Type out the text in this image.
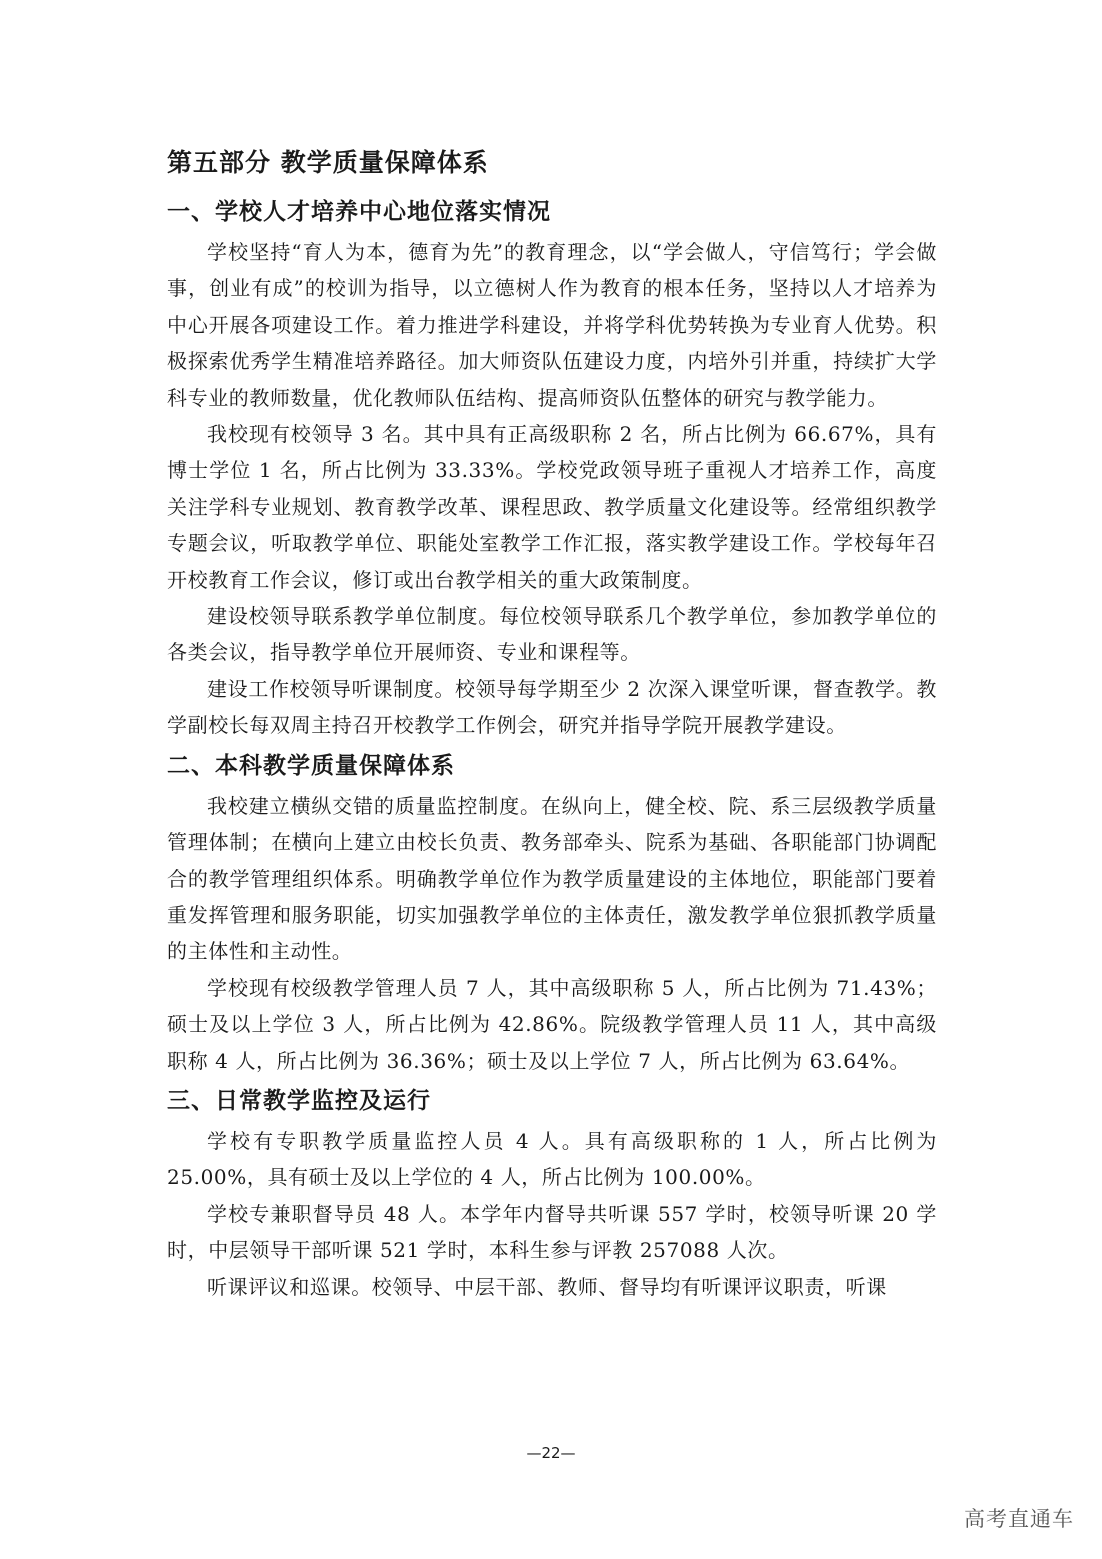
第五部分 教学质量保障体系
一、学校人才培养中心地位落实情况

学校坚持“育人为本，德育为先”的教育理念，以“学会做人，守信笃行；学会做事，创业有成”的校训为指导，以立德树人作为教育的根本任务，坚持以人才培养为中心开展各项建设工作。着力推进学科建设，并将学科优势转换为专业育人优势。积极探索优秀学生精准培养路径。加大师资队伍建设力度，内培外引并重，持续扩大学科专业的教师数量，优化教师队伍结构、提高师资队伍整体的研究与教学能力。

我校现有校领导 3 名。其中具有正高级职称 2 名，所占比例为 66.67%，具有博士学位 1 名，所占比例为 33.33%。学校党政领导班子重视人才培养工作，高度关注学科专业规划、教育教学改革、课程思政、教学质量文化建设等。经常组织教学专题会议，听取教学单位、职能处室教学工作汇报，落实教学建设工作。学校每年召开校教育工作会议，修订或出台教学相关的重大政策制度。

建设校领导联系教学单位制度。每位校领导联系几个教学单位，参加教学单位的各类会议，指导教学单位开展师资、专业和课程等。

建设工作校领导听课制度。校领导每学期至少 2 次深入课堂听课，督查教学。教学副校长每双周主持召开校教学工作例会，研究并指导学院开展教学建设。

二、本科教学质量保障体系

我校建立横纵交错的质量监控制度。在纵向上，健全校、院、系三层级教学质量管理体制；在横向上建立由校长负责、教务部牵头、院系为基础、各职能部门协调配合的教学管理组织体系。明确教学单位作为教学质量建设的主体地位，职能部门要着重发挥管理和服务职能，切实加强教学单位的主体责任，激发教学单位狠抓教学质量的主体性和主动性。

学校现有校级教学管理人员 7 人，其中高级职称 5 人，所占比例为 71.43%；硕士及以上学位 3 人，所占比例为 42.86%。院级教学管理人员 11 人，其中高级职称 4 人，所占比例为 36.36%；硕士及以上学位 7 人，所占比例为 63.64%。

三、日常教学监控及运行

学校有专职教学质量监控人员 4 人。具有高级职称的 1 人，所占比例为 25.00%，具有硕士及以上学位的 4 人，所占比例为 100.00%。

学校专兼职督导员 48 人。本学年内督导共听课 557 学时，校领导听课 20 学时，中层领导干部听课 521 学时，本科生参与评教 257088 人次。

听课评议和巡课。校领导、中层干部、教师、督导均有听课评议职责，听课

—22—
高考直通车
